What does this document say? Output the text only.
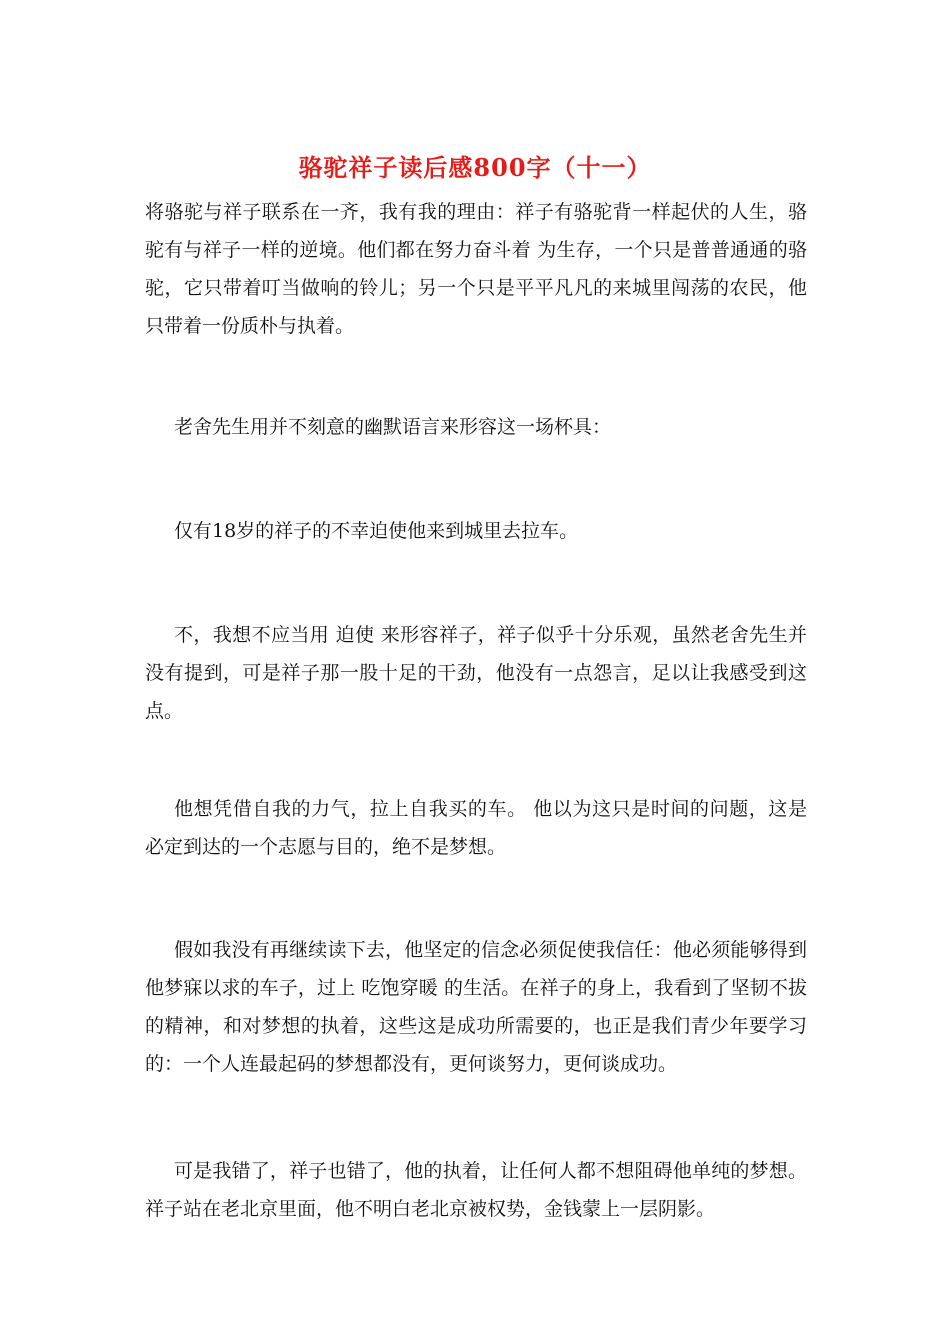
骆驼祥子读后感800字（十一）

将骆驼与祥子联系在一齐，我有我的理由：祥子有骆驼背一样起伏的人生，骆驼有与祥子一样的逆境。他们都在努力奋斗着 为生存，一个只是普普通通的骆驼，它只带着叮当做响的铃儿；另一个只是平平凡凡的来城里闯荡的农民，他只带着一份质朴与执着。

老舍先生用并不刻意的幽默语言来形容这一场杯具：

仅有18岁的祥子的不幸迫使他来到城里去拉车。

不，我想不应当用 迫使 来形容祥子，祥子似乎十分乐观，虽然老舍先生并没有提到，可是祥子那一股十足的干劲，他没有一点怨言，足以让我感受到这点。

他想凭借自我的力气，拉上自我买的车。 他以为这只是时间的问题，这是必定到达的一个志愿与目的，绝不是梦想。

假如我没有再继续读下去，他坚定的信念必须促使我信任：他必须能够得到他梦寐以求的车子，过上 吃饱穿暖 的生活。在祥子的身上，我看到了坚韧不拔的精神，和对梦想的执着，这些这是成功所需要的，也正是我们青少年要学习的：一个人连最起码的梦想都没有，更何谈努力，更何谈成功。

可是我错了，祥子也错了，他的执着，让任何人都不想阻碍他单纯的梦想。祥子站在老北京里面，他不明白老北京被权势，金钱蒙上一层阴影。
